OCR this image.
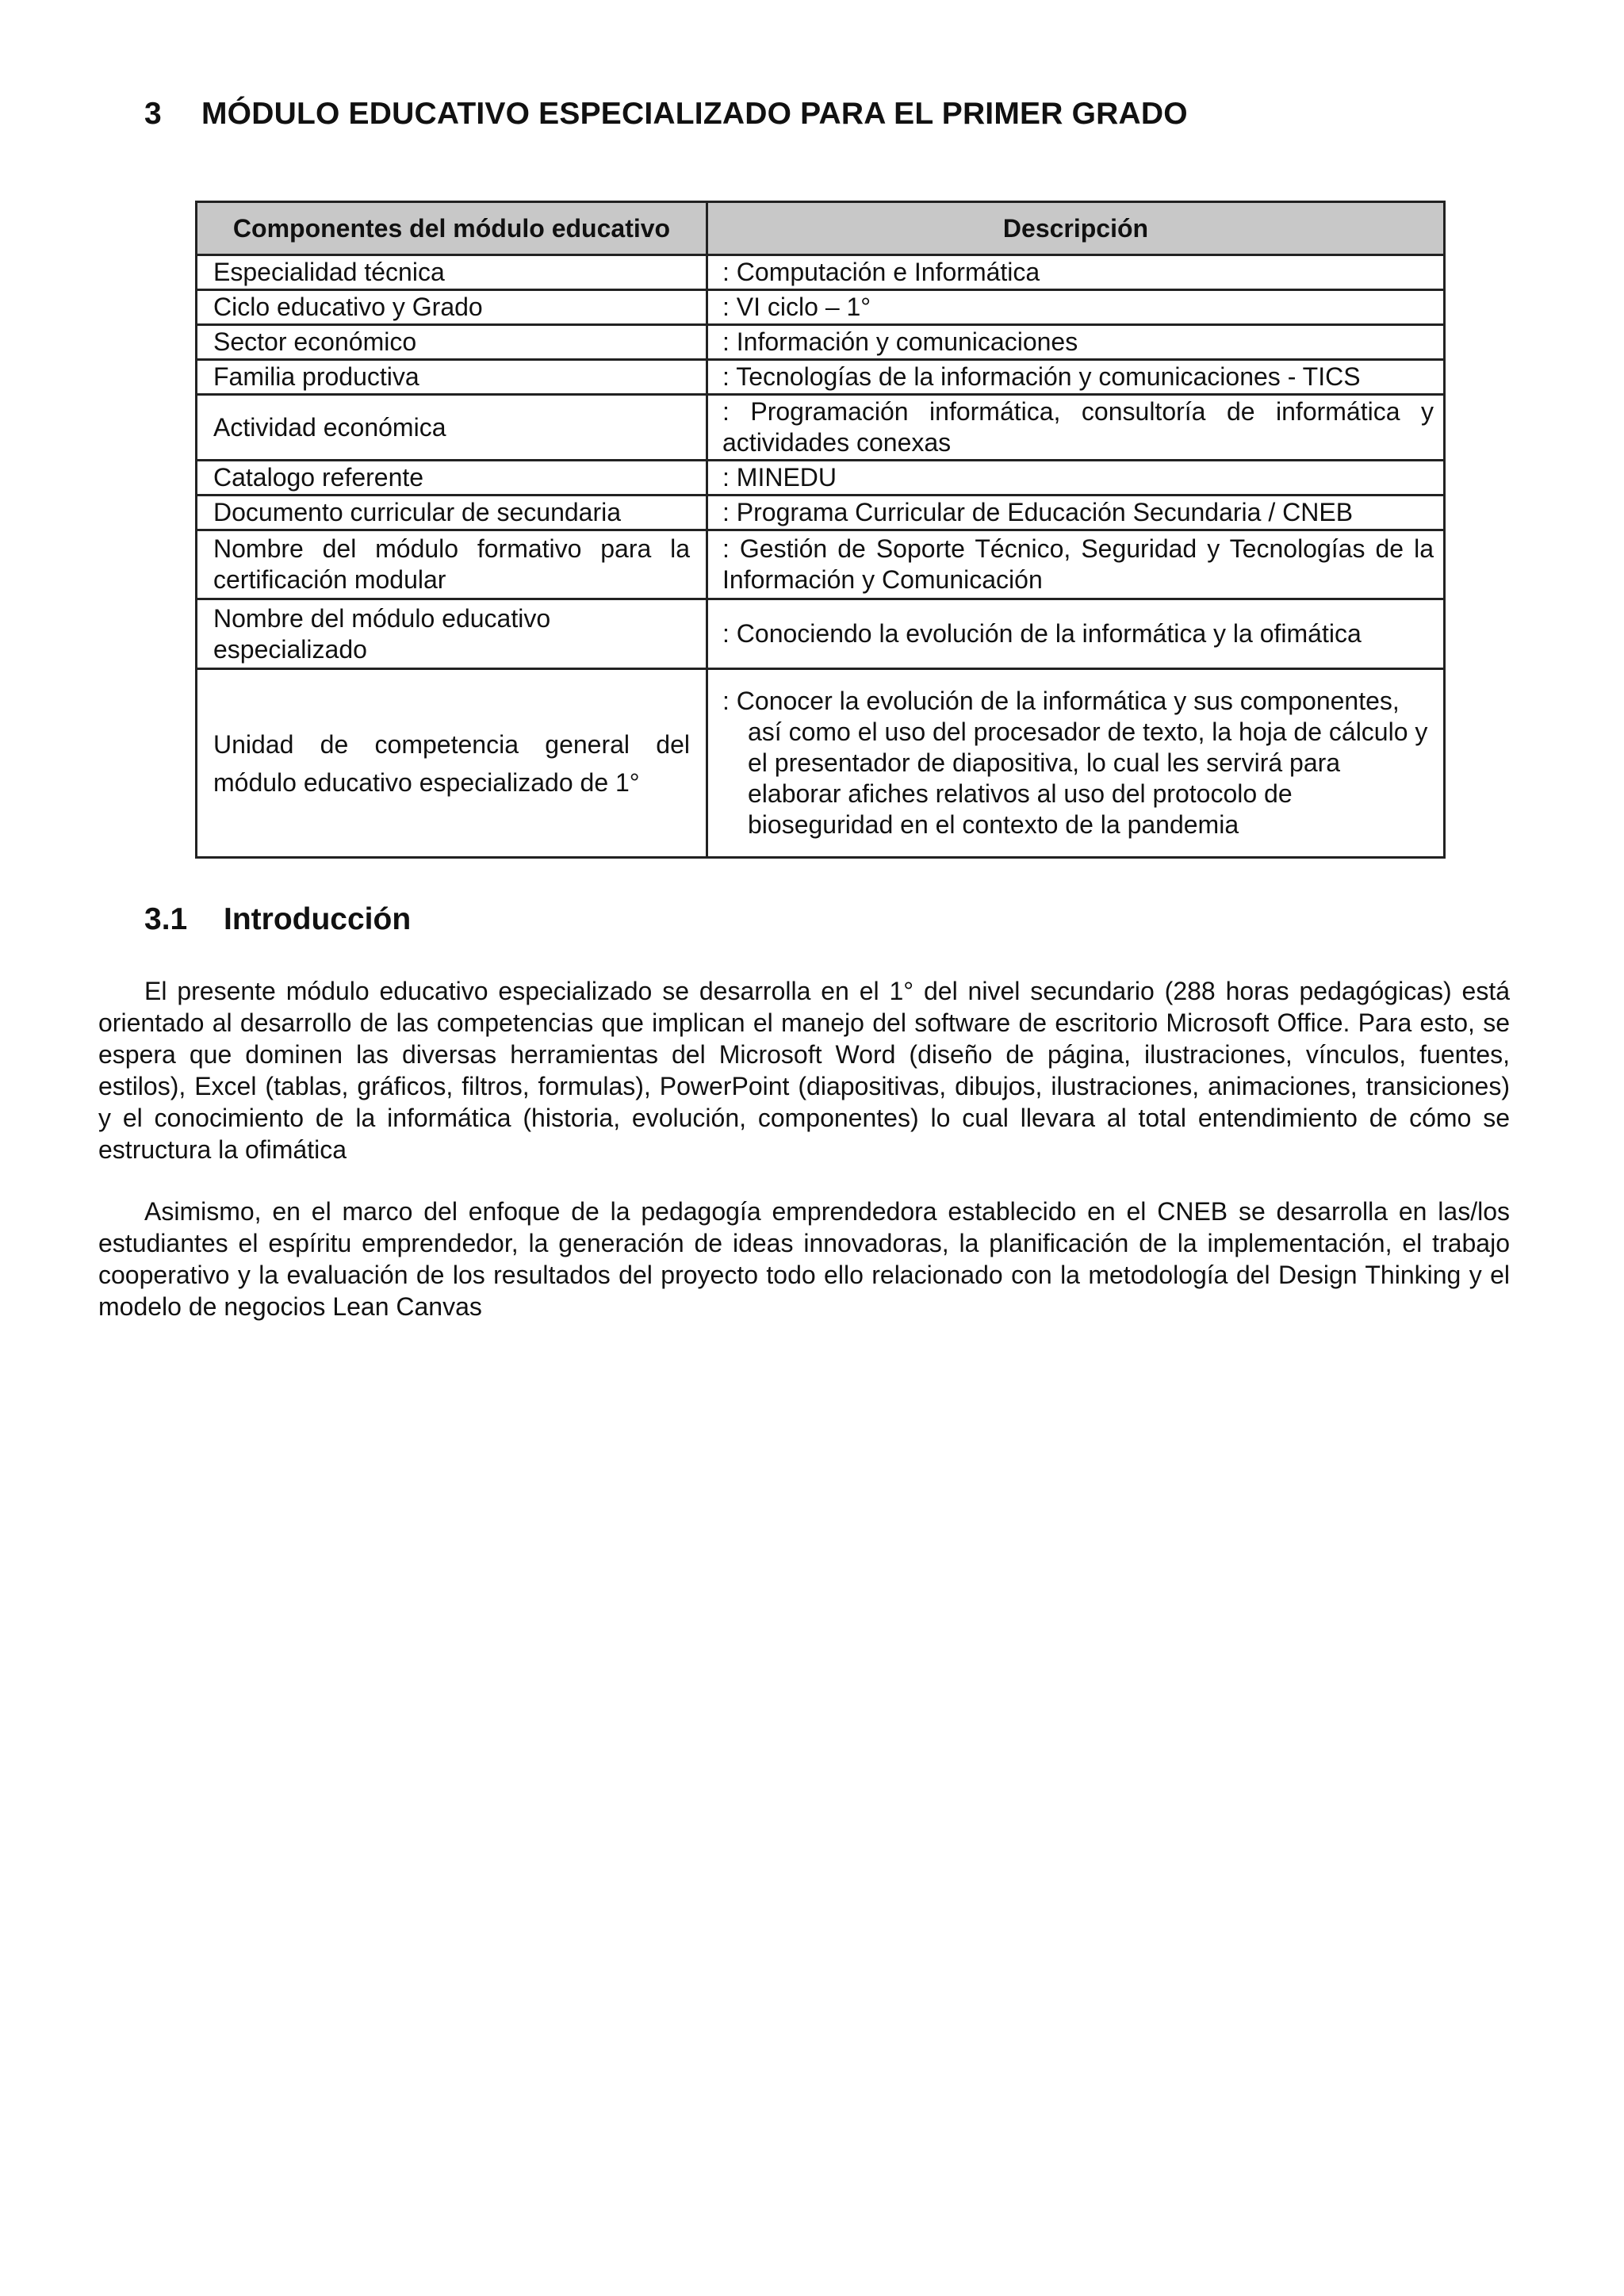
3 MÓDULO EDUCATIVO ESPECIALIZADO PARA EL PRIMER GRADO
Componentes del módulo educativo	Descripción
Especialidad técnica	: Computación e Informática
Ciclo educativo y Grado	: VI ciclo – 1°
Sector económico	: Información y comunicaciones
Familia productiva	: Tecnologías de la información y comunicaciones - TICS
Actividad económica	: Programación informática, consultoría de informática y actividades conexas
Catalogo referente	: MINEDU
Documento curricular de secundaria	: Programa Curricular de Educación Secundaria / CNEB
Nombre del módulo formativo para la certificación modular	: Gestión de Soporte Técnico, Seguridad y Tecnologías de la Información y Comunicación
Nombre del módulo educativo especializado	: Conociendo la evolución de la informática y la ofimática
Unidad de competencia general del módulo educativo especializado de 1°	: Conocer la evolución de la informática y sus componentes, así como el uso del procesador de texto, la hoja de cálculo y el presentador de diapositiva, lo cual les servirá para elaborar afiches relativos al uso del protocolo de bioseguridad en el contexto de la pandemia
3.1 Introducción

El presente módulo educativo especializado se desarrolla en el 1° del nivel secundario (288 horas pedagógicas) está orientado al desarrollo de las competencias que implican el manejo del software de escritorio Microsoft Office. Para esto, se espera que dominen las diversas herramientas del Microsoft Word (diseño de página, ilustraciones, vínculos, fuentes, estilos), Excel (tablas, gráficos, filtros, formulas), PowerPoint (diapositivas, dibujos, ilustraciones, animaciones, transiciones) y el conocimiento de la informática (historia, evolución, componentes) lo cual llevara al total entendimiento de cómo se estructura la ofimática

Asimismo, en el marco del enfoque de la pedagogía emprendedora establecido en el CNEB se desarrolla en las/los estudiantes el espíritu emprendedor, la generación de ideas innovadoras, la planificación de la implementación, el trabajo cooperativo y la evaluación de los resultados del proyecto todo ello relacionado con la metodología del Design Thinking y el modelo de negocios Lean Canvas
